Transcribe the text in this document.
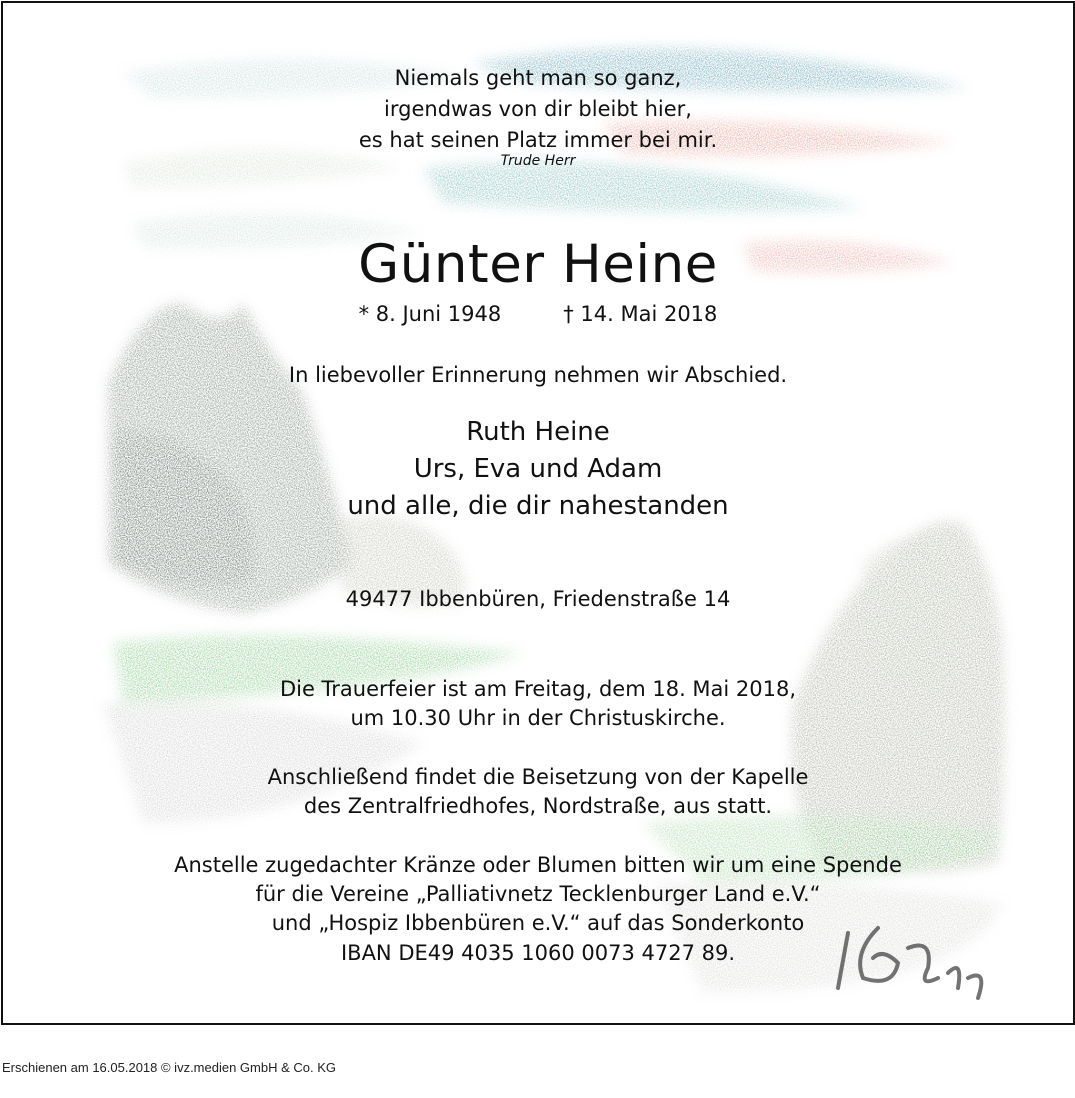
Niemals geht man so ganz,
irgendwas von dir bleibt hier,
es hat seinen Platz immer bei mir.
Trude Herr
Günter Heine
* 8. Juni 1948	† 14. Mai 2018
In liebevoller Erinnerung nehmen wir Abschied.
Ruth Heine
Urs, Eva und Adam
und alle, die dir nahestanden
49477 Ibbenbüren, Friedenstraße 14
Die Trauerfeier ist am Freitag, dem 18. Mai 2018,
um 10.30 Uhr in der Christuskirche.
Anschließend findet die Beisetzung von der Kapelle
des Zentralfriedhofes, Nordstraße, aus statt.
Anstelle zugedachter Kränze oder Blumen bitten wir um eine Spende
für die Vereine „Palliativnetz Tecklenburger Land e.V.“
und „Hospiz Ibbenbüren e.V.“ auf das Sonderkonto
IBAN DE49 4035 1060 0073 4727 89.
Erschienen am 16.05.2018 © ivz.medien GmbH & Co. KG
